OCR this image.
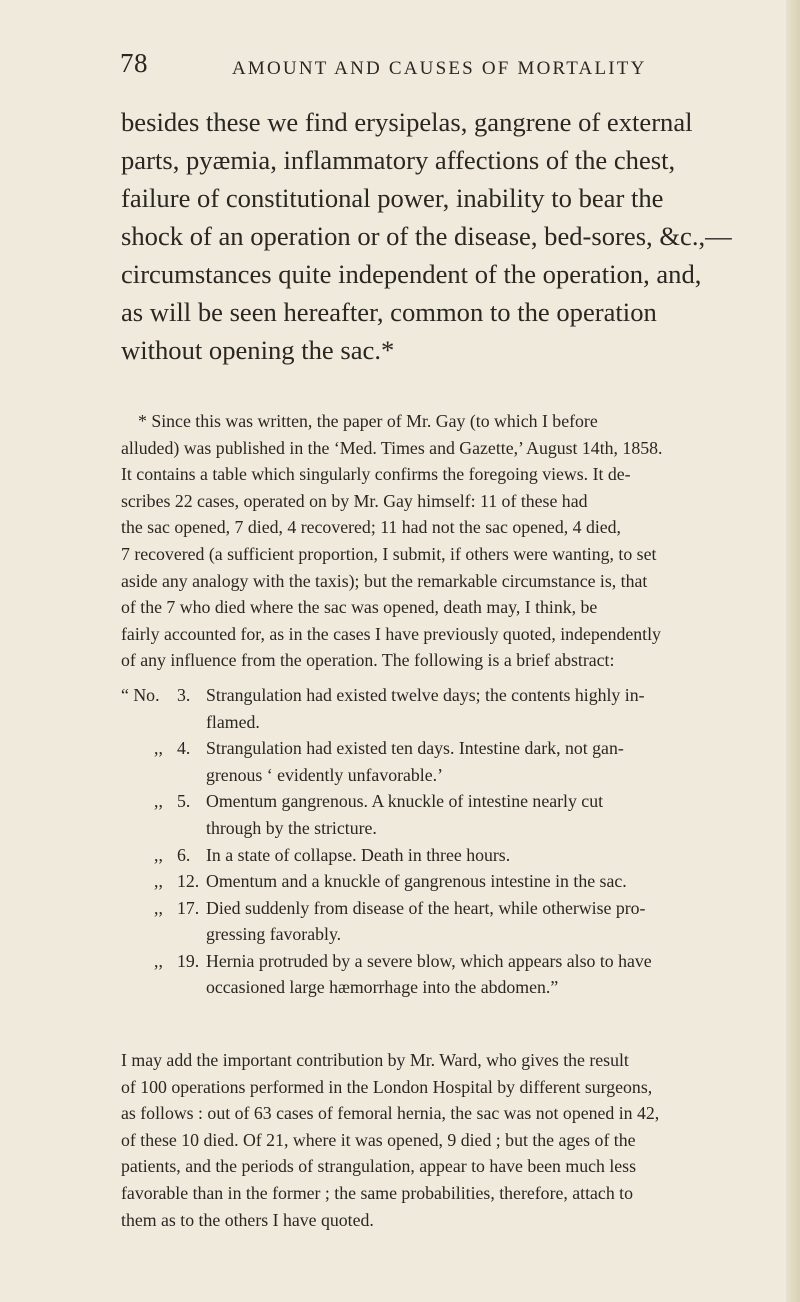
78	AMOUNT AND CAUSES OF MORTALITY
besides these we find erysipelas, gangrene of external
parts, pyæmia, inflammatory affections of the chest,
failure of constitutional power, inability to bear the
shock of an operation or of the disease, bed-sores, &c.,—
circumstances quite independent of the operation, and,
as will be seen hereafter, common to the operation
without opening the sac.*
* Since this was written, the paper of Mr. Gay (to which I before
alluded) was published in the ‘Med. Times and Gazette,’ August 14th, 1858.
It contains a table which singularly confirms the foregoing views. It de-
scribes 22 cases, operated on by Mr. Gay himself: 11 of these had
the sac opened, 7 died, 4 recovered; 11 had not the sac opened, 4 died,
7 recovered (a sufficient proportion, I submit, if others were wanting, to set
aside any analogy with the taxis); but the remarkable circumstance is, that
of the 7 who died where the sac was opened, death may, I think, be
fairly accounted for, as in the cases I have previously quoted, independently
of any influence from the operation. The following is a brief abstract:
“ No. 3. Strangulation had existed twelve days; the contents highly in-
flamed.
,, 4. Strangulation had existed ten days. Intestine dark, not gan-
grenous ‘ evidently unfavorable.’
,, 5. Omentum gangrenous. A knuckle of intestine nearly cut
through by the stricture.
,, 6. In a state of collapse. Death in three hours.
,, 12. Omentum and a knuckle of gangrenous intestine in the sac.
,, 17. Died suddenly from disease of the heart, while otherwise pro-
gressing favorably.
,, 19. Hernia protruded by a severe blow, which appears also to have
occasioned large hæmorrhage into the abdomen.”
I may add the important contribution by Mr. Ward, who gives the result
of 100 operations performed in the London Hospital by different surgeons,
as follows : out of 63 cases of femoral hernia, the sac was not opened in 42,
of these 10 died. Of 21, where it was opened, 9 died ; but the ages of the
patients, and the periods of strangulation, appear to have been much less
favorable than in the former ; the same probabilities, therefore, attach to
them as to the others I have quoted.
